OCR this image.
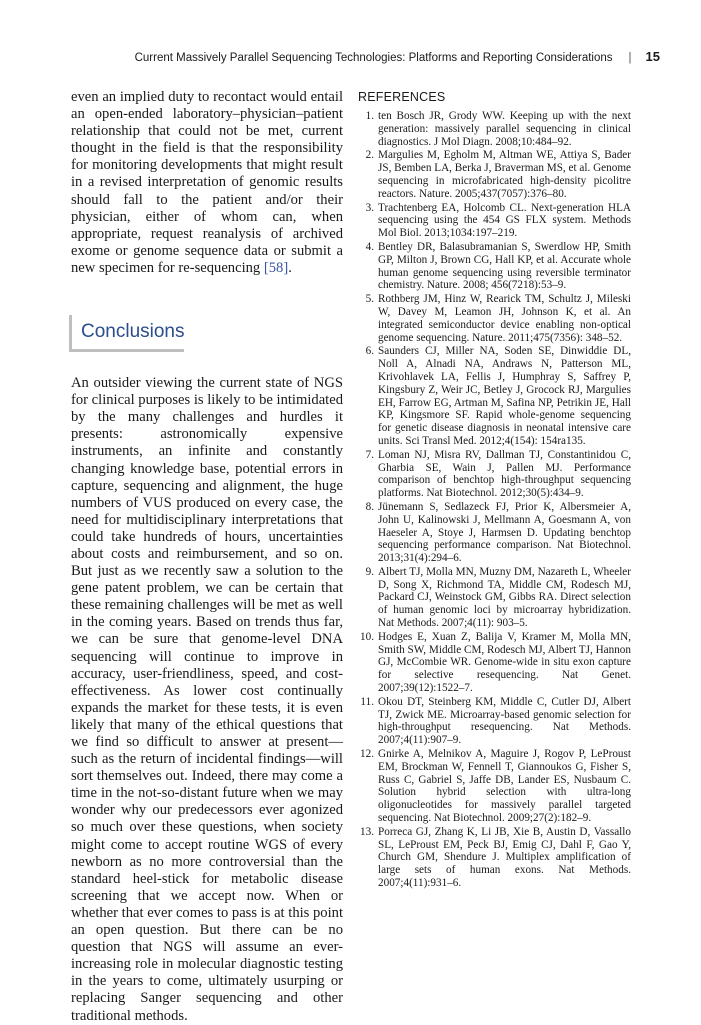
Current Massively Parallel Sequencing Technologies: Platforms and Reporting Considerations | 15

even an implied duty to recontact would entail an open-ended laboratory–physician–patient relationship that could not be met, current thought in the field is that the responsibility for monitoring developments that might result in a revised interpretation of genomic results should fall to the patient and/or their physician, either of whom can, when appropriate, request reanalysis of archived exome or genome sequence data or submit a new specimen for re-sequencing [58].

Conclusions

An outsider viewing the current state of NGS for clinical purposes is likely to be intimidated by the many challenges and hurdles it presents: astronomically expensive instruments, an infinite and constantly changing knowledge base, potential errors in capture, sequencing and alignment, the huge numbers of VUS produced on every case, the need for multidisciplinary interpretations that could take hundreds of hours, uncertainties about costs and reimbursement, and so on. But just as we recently saw a solution to the gene patent problem, we can be certain that these remaining challenges will be met as well in the coming years. Based on trends thus far, we can be sure that genome-level DNA sequencing will continue to improve in accuracy, user-friendliness, speed, and cost-effectiveness. As lower cost continually expands the market for these tests, it is even likely that many of the ethical questions that we find so difficult to answer at present—such as the return of incidental findings—will sort themselves out. Indeed, there may come a time in the not-so-distant future when we may wonder why our predecessors ever agonized so much over these questions, when society might come to accept routine WGS of every newborn as no more controversial than the standard heel-stick for metabolic disease screening that we accept now. When or whether that ever comes to pass is at this point an open question. But there can be no question that NGS will assume an ever-increasing role in molecular diagnostic testing in the years to come, ultimately usurping or replacing Sanger sequencing and other traditional methods.

REFERENCES
1. ten Bosch JR, Grody WW. Keeping up with the next generation: massively parallel sequencing in clinical diagnostics. J Mol Diagn. 2008;10:484–92.
2. Margulies M, Egholm M, Altman WE, Attiya S, Bader JS, Bemben LA, Berka J, Braverman MS, et al. Genome sequencing in microfabricated high-density picolitre reactors. Nature. 2005;437(7057):376–80.
3. Trachtenberg EA, Holcomb CL. Next-generation HLA sequencing using the 454 GS FLX system. Methods Mol Biol. 2013;1034:197–219.
4. Bentley DR, Balasubramanian S, Swerdlow HP, Smith GP, Milton J, Brown CG, Hall KP, et al. Accurate whole human genome sequencing using reversible terminator chemistry. Nature. 2008; 456(7218):53–9.
5. Rothberg JM, Hinz W, Rearick TM, Schultz J, Mileski W, Davey M, Leamon JH, Johnson K, et al. An integrated semiconductor device enabling non-optical genome sequencing. Nature. 2011;475(7356): 348–52.
6. Saunders CJ, Miller NA, Soden SE, Dinwiddie DL, Noll A, Alnadi NA, Andraws N, Patterson ML, Krivohlavek LA, Fellis J, Humphray S, Saffrey P, Kingsbury Z, Weir JC, Betley J, Grocock RJ, Margulies EH, Farrow EG, Artman M, Safina NP, Petrikin JE, Hall KP, Kingsmore SF. Rapid whole-genome sequencing for genetic disease diagnosis in neonatal intensive care units. Sci Transl Med. 2012;4(154): 154ra135.
7. Loman NJ, Misra RV, Dallman TJ, Constantinidou C, Gharbia SE, Wain J, Pallen MJ. Performance comparison of benchtop high-throughput sequencing platforms. Nat Biotechnol. 2012;30(5):434–9.
8. Jünemann S, Sedlazeck FJ, Prior K, Albersmeier A, John U, Kalinowski J, Mellmann A, Goesmann A, von Haeseler A, Stoye J, Harmsen D. Updating benchtop sequencing performance comparison. Nat Biotechnol. 2013;31(4):294–6.
9. Albert TJ, Molla MN, Muzny DM, Nazareth L, Wheeler D, Song X, Richmond TA, Middle CM, Rodesch MJ, Packard CJ, Weinstock GM, Gibbs RA. Direct selection of human genomic loci by microarray hybridization. Nat Methods. 2007;4(11): 903–5.
10. Hodges E, Xuan Z, Balija V, Kramer M, Molla MN, Smith SW, Middle CM, Rodesch MJ, Albert TJ, Hannon GJ, McCombie WR. Genome-wide in situ exon capture for selective resequencing. Nat Genet. 2007;39(12):1522–7.
11. Okou DT, Steinberg KM, Middle C, Cutler DJ, Albert TJ, Zwick ME. Microarray-based genomic selection for high-throughput resequencing. Nat Methods. 2007;4(11):907–9.
12. Gnirke A, Melnikov A, Maguire J, Rogov P, LeProust EM, Brockman W, Fennell T, Giannoukos G, Fisher S, Russ C, Gabriel S, Jaffe DB, Lander ES, Nusbaum C. Solution hybrid selection with ultra-long oligonucleotides for massively parallel targeted sequencing. Nat Biotechnol. 2009;27(2):182–9.
13. Porreca GJ, Zhang K, Li JB, Xie B, Austin D, Vassallo SL, LeProust EM, Peck BJ, Emig CJ, Dahl F, Gao Y, Church GM, Shendure J. Multiplex amplification of large sets of human exons. Nat Methods. 2007;4(11):931–6.
